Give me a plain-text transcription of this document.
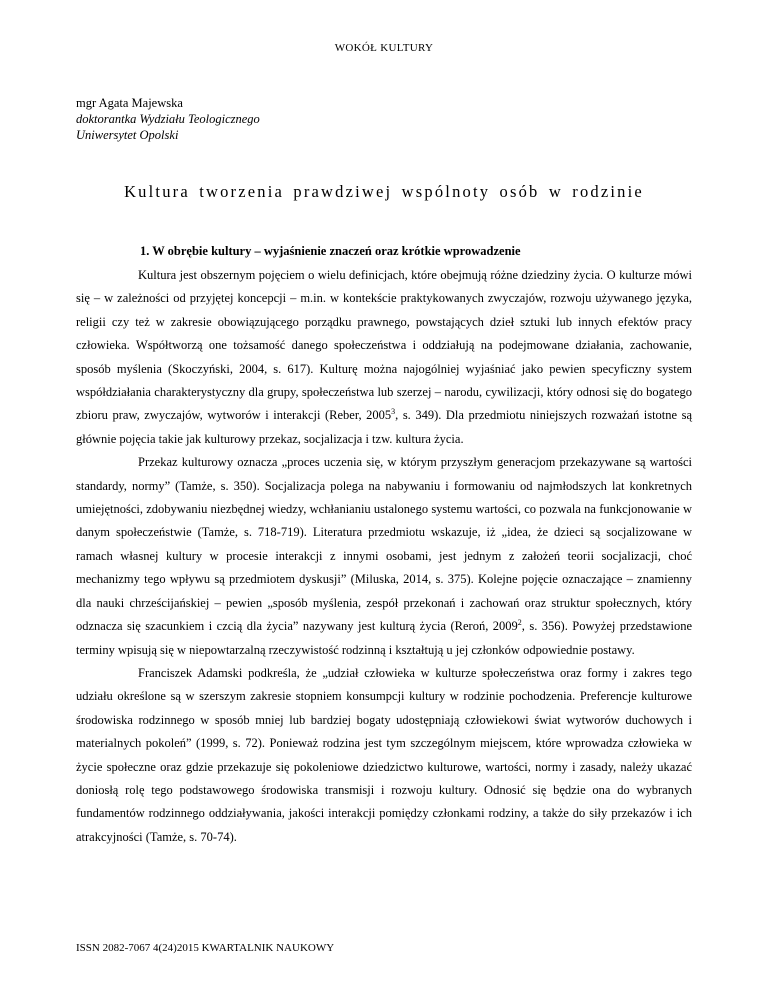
WOKÓŁ KULTURY
mgr Agata Majewska
doktorantka Wydziału Teologicznego
Uniwersytet Opolski
Kultura tworzenia prawdziwej wspólnoty osób w rodzinie
1. W obrębie kultury – wyjaśnienie znaczeń oraz krótkie wprowadzenie

Kultura jest obszernym pojęciem o wielu definicjach, które obejmują różne dziedziny życia. O kulturze mówi się – w zależności od przyjętej koncepcji – m.in. w kontekście praktykowanych zwyczajów, rozwoju używanego języka, religii czy też w zakresie obowiązującego porządku prawnego, powstających dzieł sztuki lub innych efektów pracy człowieka. Współtworzą one tożsamość danego społeczeństwa i oddziałują na podejmowane działania, zachowanie, sposób myślenia (Skoczyński, 2004, s. 617). Kulturę można najogólniej wyjaśniać jako pewien specyficzny system współdziałania charakterystyczny dla grupy, społeczeństwa lub szerzej – narodu, cywilizacji, który odnosi się do bogatego zbioru praw, zwyczajów, wytworów i interakcji (Reber, 2005$^3$, s. 349). Dla przedmiotu niniejszych rozważań istotne są głównie pojęcia takie jak kulturowy przekaz, socjalizacja i tzw. kultura życia.

Przekaz kulturowy oznacza „proces uczenia się, w którym przyszłym generacjom przekazywane są wartości standardy, normy” (Tamże, s. 350). Socjalizacja polega na nabywaniu i formowaniu od najmłodszych lat konkretnych umiejętności, zdobywaniu niezbędnej wiedzy, wchłanianiu ustalonego systemu wartości, co pozwala na funkcjonowanie w danym społeczeństwie (Tamże, s. 718-719). Literatura przedmiotu wskazuje, iż „idea, że dzieci są socjalizowane w ramach własnej kultury w procesie interakcji z innymi osobami, jest jednym z założeń teorii socjalizacji, choć mechanizmy tego wpływu są przedmiotem dyskusji” (Miluska, 2014, s. 375). Kolejne pojęcie oznaczające – znamienny dla nauki chrześcijańskiej – pewien „sposób myślenia, zespół przekonań i zachowań oraz struktur społecznych, który odznacza się szacunkiem i czcią dla życia” nazywany jest kulturą życia (Reroń, 2009$^2$, s. 356). Powyżej przedstawione terminy wpisują się w niepowtarzalną rzeczywistość rodzinną i kształtują u jej członków odpowiednie postawy.

Franciszek Adamski podkreśla, że „udział człowieka w kulturze społeczeństwa oraz formy i zakres tego udziału określone są w szerszym zakresie stopniem konsumpcji kultury w rodzinie pochodzenia. Preferencje kulturowe środowiska rodzinnego w sposób mniej lub bardziej bogaty udostępniają człowiekowi świat wytworów duchowych i materialnych pokoleń” (1999, s. 72). Ponieważ rodzina jest tym szczególnym miejscem, które wprowadza człowieka w życie społeczne oraz gdzie przekazuje się pokoleniowe dziedzictwo kulturowe, wartości, normy i zasady, należy ukazać doniosłą rolę tego podstawowego środowiska transmisji i rozwoju kultury. Odnosić się będzie ona do wybranych fundamentów rodzinnego oddziaływania, jakości interakcji pomiędzy członkami rodziny, a także do siły przekazów i ich atrakcyjności (Tamże, s. 70-74).

ISSN 2082-7067 4(24)2015 KWARTALNIK NAUKOWY
